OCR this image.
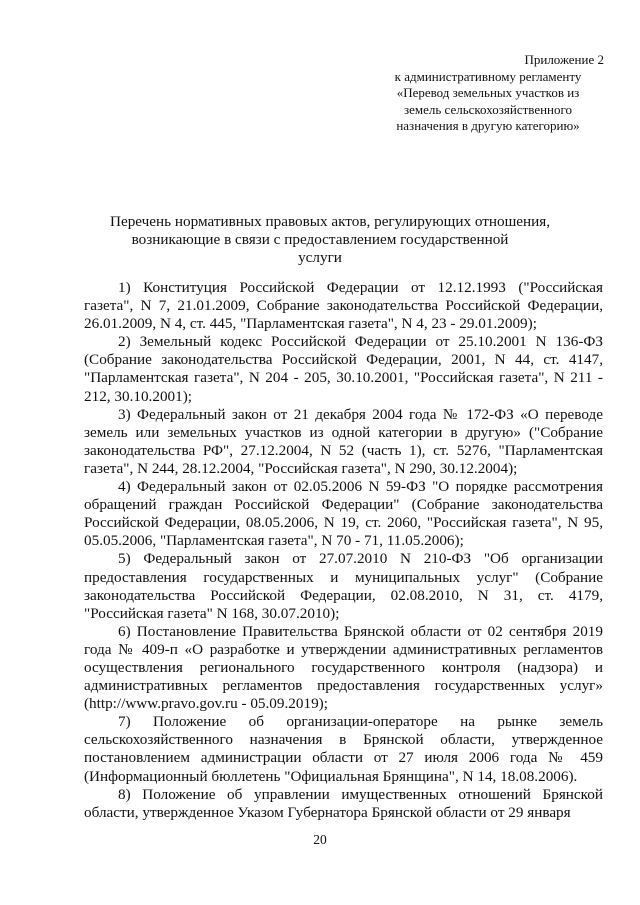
Приложение 2
к административному регламенту
«Перевод земельных участков из
земель сельскохозяйственного
назначения в другую категорию»
Перечень нормативных правовых актов, регулирующих отношения,
возникающие в связи с предоставлением государственной
услуги

1) Конституция Российской Федерации от 12.12.1993 ("Российская газета", N 7, 21.01.2009, Собрание законодательства Российской Федерации, 26.01.2009, N 4, ст. 445, "Парламентская газета", N 4, 23 - 29.01.2009);

2) Земельный кодекс Российской Федерации от 25.10.2001 N 136-ФЗ (Собрание законодательства Российской Федерации, 2001, N 44, ст. 4147, "Парламентская газета", N 204 - 205, 30.10.2001, "Российская газета", N 211 - 212, 30.10.2001);

3) Федеральный закон от 21 декабря 2004 года № 172-ФЗ «О переводе земель или земельных участков из одной категории в другую» ("Собрание законодательства РФ", 27.12.2004, N 52 (часть 1), ст. 5276, "Парламентская газета", N 244, 28.12.2004, "Российская газета", N 290, 30.12.2004);

4) Федеральный закон от 02.05.2006 N 59-ФЗ "О порядке рассмотрения обращений граждан Российской Федерации" (Собрание законодательства Российской Федерации, 08.05.2006, N 19, ст. 2060, "Российская газета", N 95, 05.05.2006, "Парламентская газета", N 70 - 71, 11.05.2006);

5) Федеральный закон от 27.07.2010 N 210-ФЗ "Об организации предоставления государственных и муниципальных услуг" (Собрание законодательства Российской Федерации, 02.08.2010, N 31, ст. 4179, "Российская газета" N 168, 30.07.2010);

6) Постановление Правительства Брянской области от 02 сентября 2019 года № 409-п «О разработке и утверждении административных регламентов осуществления регионального государственного контроля (надзора) и административных регламентов предоставления государственных услуг» (http://www.pravo.gov.ru - 05.09.2019);

7) Положение об организации-операторе на рынке земель сельскохозяйственного назначения в Брянской области, утвержденное постановлением администрации области от 27 июля 2006 года № 459 (Информационный бюллетень "Официальная Брянщина", N 14, 18.08.2006).

8) Положение об управлении имущественных отношений Брянской области, утвержденное Указом Губернатора Брянской области от 29 января

20
